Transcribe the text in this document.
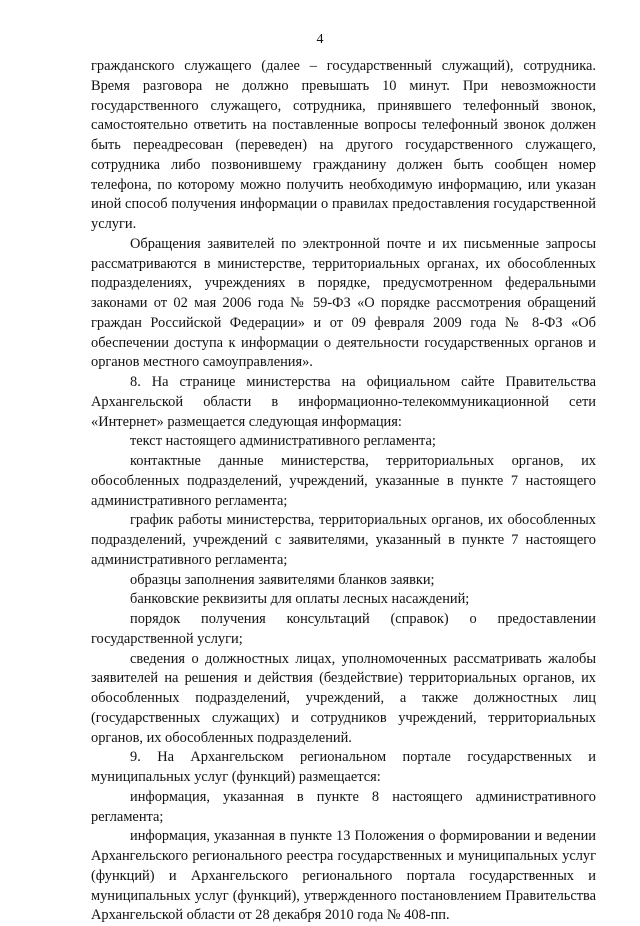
4

гражданского служащего (далее – государственный служащий), сотрудника. Время разговора не должно превышать 10 минут. При невозможности государственного служащего, сотрудника, принявшего телефонный звонок, самостоятельно ответить на поставленные вопросы телефонный звонок должен быть переадресован (переведен) на другого государственного служащего, сотрудника либо позвонившему гражданину должен быть сообщен номер телефона, по которому можно получить необходимую информацию, или указан иной способ получения информации о правилах предоставления государственной услуги.

Обращения заявителей по электронной почте и их письменные запросы рассматриваются в министерстве, территориальных органах, их обособленных подразделениях, учреждениях в порядке, предусмотренном федеральными законами от 02 мая 2006 года № 59-ФЗ «О порядке рассмотрения обращений граждан Российской Федерации» и от 09 февраля 2009 года № 8-ФЗ «Об обеспечении доступа к информации о деятельности государственных органов и органов местного самоуправления».

8. На странице министерства на официальном сайте Правительства Архангельской области в информационно-телекоммуникационной сети «Интернет» размещается следующая информация:

текст настоящего административного регламента;

контактные данные министерства, территориальных органов, их обособленных подразделений, учреждений, указанные в пункте 7 настоящего административного регламента;

график работы министерства, территориальных органов, их обособленных подразделений, учреждений с заявителями, указанный в пункте 7 настоящего административного регламента;

образцы заполнения заявителями бланков заявки;

банковские реквизиты для оплаты лесных насаждений;

порядок получения консультаций (справок) о предоставлении государственной услуги;

сведения о должностных лицах, уполномоченных рассматривать жалобы заявителей на решения и действия (бездействие) территориальных органов, их обособленных подразделений, учреждений, а также должностных лиц (государственных служащих) и сотрудников учреждений, территориальных органов, их обособленных подразделений.

9. На Архангельском региональном портале государственных и муниципальных услуг (функций) размещается:

информация, указанная в пункте 8 настоящего административного регламента;

информация, указанная в пункте 13 Положения о формировании и ведении Архангельского регионального реестра государственных и муниципальных услуг (функций) и Архангельского регионального портала государственных и муниципальных услуг (функций), утвержденного постановлением Правительства Архангельской области от 28 декабря 2010 года № 408-пп.
